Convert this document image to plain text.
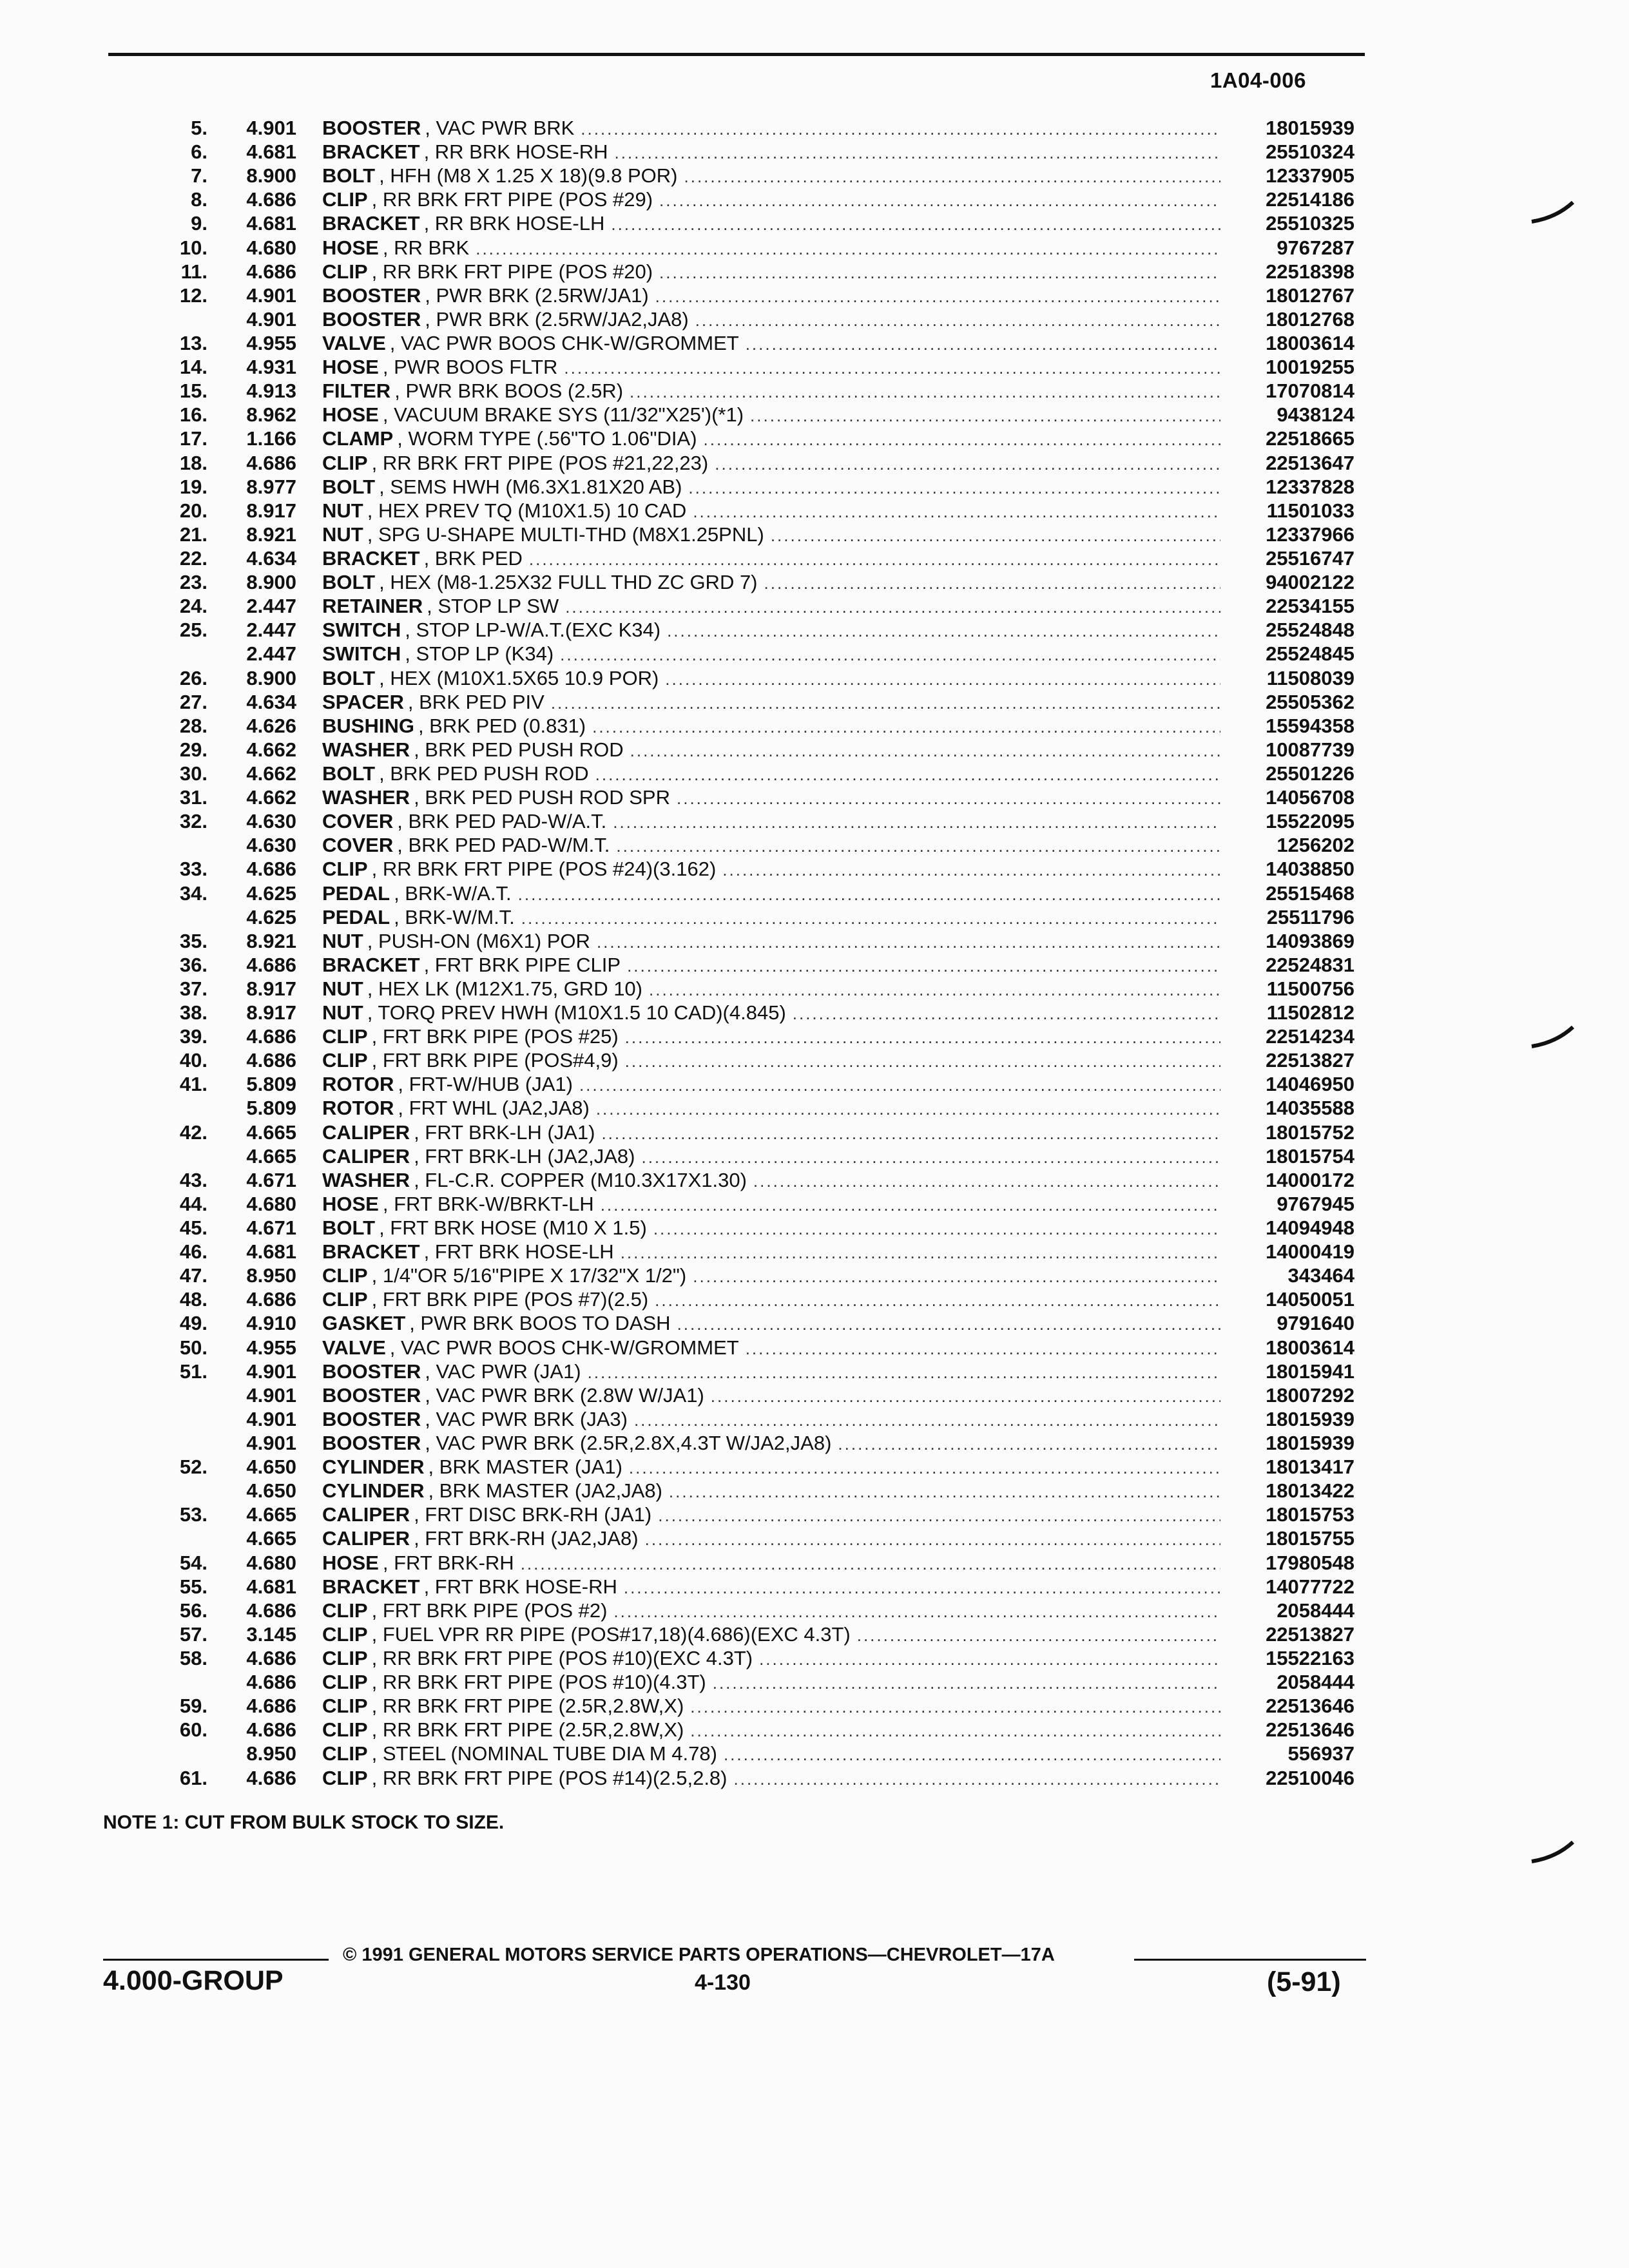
1A04-006
5.	4.901 BOOSTER , VAC PWR BRK .....	18015939
6.	4.681 BRACKET , RR BRK HOSE-RH .....	25510324
7.	8.900 BOLT , HFH (M8 X 1.25 X 18)(9.8 POR) .....	12337905
8.	4.686 CLIP , RR BRK FRT PIPE (POS #29) .....	22514186
9.	4.681 BRACKET , RR BRK HOSE-LH .....	25510325
10.	4.680 HOSE , RR BRK .....	9767287
11.	4.686 CLIP , RR BRK FRT PIPE (POS #20) .....	22518398
12.	4.901 BOOSTER , PWR BRK (2.5RW/JA1) .....	18012767
4.901 BOOSTER , PWR BRK (2.5RW/JA2,JA8) .....	18012768
13.	4.955 VALVE , VAC PWR BOOS CHK-W/GROMMET .....	18003614
14.	4.931 HOSE , PWR BOOS FLTR .....	10019255
15.	4.913 FILTER , PWR BRK BOOS (2.5R) .....	17070814
16.	8.962 HOSE , VACUUM BRAKE SYS (11/32"X25')(*1) .....	9438124
17.	1.166 CLAMP , WORM TYPE (.56"TO 1.06"DIA) .....	22518665
18.	4.686 CLIP , RR BRK FRT PIPE (POS #21,22,23) .....	22513647
19.	8.977 BOLT , SEMS HWH (M6.3X1.81X20 AB) .....	12337828
20.	8.917 NUT , HEX PREV TQ (M10X1.5) 10 CAD .....	11501033
21.	8.921 NUT , SPG U-SHAPE MULTI-THD (M8X1.25PNL) .....	12337966
22.	4.634 BRACKET , BRK PED .....	25516747
23.	8.900 BOLT , HEX (M8-1.25X32 FULL THD ZC GRD 7) .....	94002122
24.	2.447 RETAINER , STOP LP SW .....	22534155
25.	2.447 SWITCH , STOP LP-W/A.T.(EXC K34) .....	25524848
2.447 SWITCH , STOP LP (K34) .....	25524845
26.	8.900 BOLT , HEX (M10X1.5X65 10.9 POR) .....	11508039
27.	4.634 SPACER , BRK PED PIV .....	25505362
28.	4.626 BUSHING , BRK PED (0.831) .....	15594358
29.	4.662 WASHER , BRK PED PUSH ROD .....	10087739
30.	4.662 BOLT , BRK PED PUSH ROD .....	25501226
31.	4.662 WASHER , BRK PED PUSH ROD SPR .....	14056708
32.	4.630 COVER , BRK PED PAD-W/A.T. .....	15522095
4.630 COVER , BRK PED PAD-W/M.T. .....	1256202
33.	4.686 CLIP , RR BRK FRT PIPE (POS #24)(3.162) .....	14038850
34.	4.625 PEDAL , BRK-W/A.T. .....	25515468
4.625 PEDAL , BRK-W/M.T. .....	25511796
35.	8.921 NUT , PUSH-ON (M6X1) POR .....	14093869
36.	4.686 BRACKET , FRT BRK PIPE CLIP .....	22524831
37.	8.917 NUT , HEX LK (M12X1.75, GRD 10) .....	11500756
38.	8.917 NUT , TORQ PREV HWH (M10X1.5 10 CAD)(4.845) .....	11502812
39.	4.686 CLIP , FRT BRK PIPE (POS #25) .....	22514234
40.	4.686 CLIP , FRT BRK PIPE (POS#4,9) .....	22513827
41.	5.809 ROTOR , FRT-W/HUB (JA1) .....	14046950
5.809 ROTOR , FRT WHL (JA2,JA8) .....	14035588
42.	4.665 CALIPER , FRT BRK-LH (JA1) .....	18015752
4.665 CALIPER , FRT BRK-LH (JA2,JA8) .....	18015754
43.	4.671 WASHER , FL-C.R. COPPER (M10.3X17X1.30) .....	14000172
44.	4.680 HOSE , FRT BRK-W/BRKT-LH .....	9767945
45.	4.671 BOLT , FRT BRK HOSE (M10 X 1.5) .....	14094948
46.	4.681 BRACKET , FRT BRK HOSE-LH .....	14000419
47.	8.950 CLIP , 1/4"OR 5/16"PIPE X 17/32"X 1/2") .....	343464
48.	4.686 CLIP , FRT BRK PIPE (POS #7)(2.5) .....	14050051
49.	4.910 GASKET , PWR BRK BOOS TO DASH .....	9791640
50.	4.955 VALVE , VAC PWR BOOS CHK-W/GROMMET .....	18003614
51.	4.901 BOOSTER , VAC PWR (JA1) .....	18015941
4.901 BOOSTER , VAC PWR BRK (2.8W W/JA1) .....	18007292
4.901 BOOSTER , VAC PWR BRK (JA3) .....	18015939
4.901 BOOSTER , VAC PWR BRK (2.5R,2.8X,4.3T W/JA2,JA8) .....	18015939
52.	4.650 CYLINDER , BRK MASTER (JA1) .....	18013417
4.650 CYLINDER , BRK MASTER (JA2,JA8) .....	18013422
53.	4.665 CALIPER , FRT DISC BRK-RH (JA1) .....	18015753
4.665 CALIPER , FRT BRK-RH (JA2,JA8) .....	18015755
54.	4.680 HOSE , FRT BRK-RH .....	17980548
55.	4.681 BRACKET , FRT BRK HOSE-RH .....	14077722
56.	4.686 CLIP , FRT BRK PIPE (POS #2) .....	2058444
57.	3.145 CLIP , FUEL VPR RR PIPE (POS#17,18)(4.686)(EXC 4.3T) .....	22513827
58.	4.686 CLIP , RR BRK FRT PIPE (POS #10)(EXC 4.3T) .....	15522163
4.686 CLIP , RR BRK FRT PIPE (POS #10)(4.3T) .....	2058444
59.	4.686 CLIP , RR BRK FRT PIPE (2.5R,2.8W,X) .....	22513646
60.	4.686 CLIP , RR BRK FRT PIPE (2.5R,2.8W,X) .....	22513646
8.950 CLIP , STEEL (NOMINAL TUBE DIA M 4.78) .....	556937
61.	4.686 CLIP , RR BRK FRT PIPE (POS #14)(2.5,2.8) .....	22510046
NOTE 1: CUT FROM BULK STOCK TO SIZE.
© 1991 GENERAL MOTORS SERVICE PARTS OPERATIONS—CHEVROLET—17A
4.000-GROUP	4-130	(5-91)
